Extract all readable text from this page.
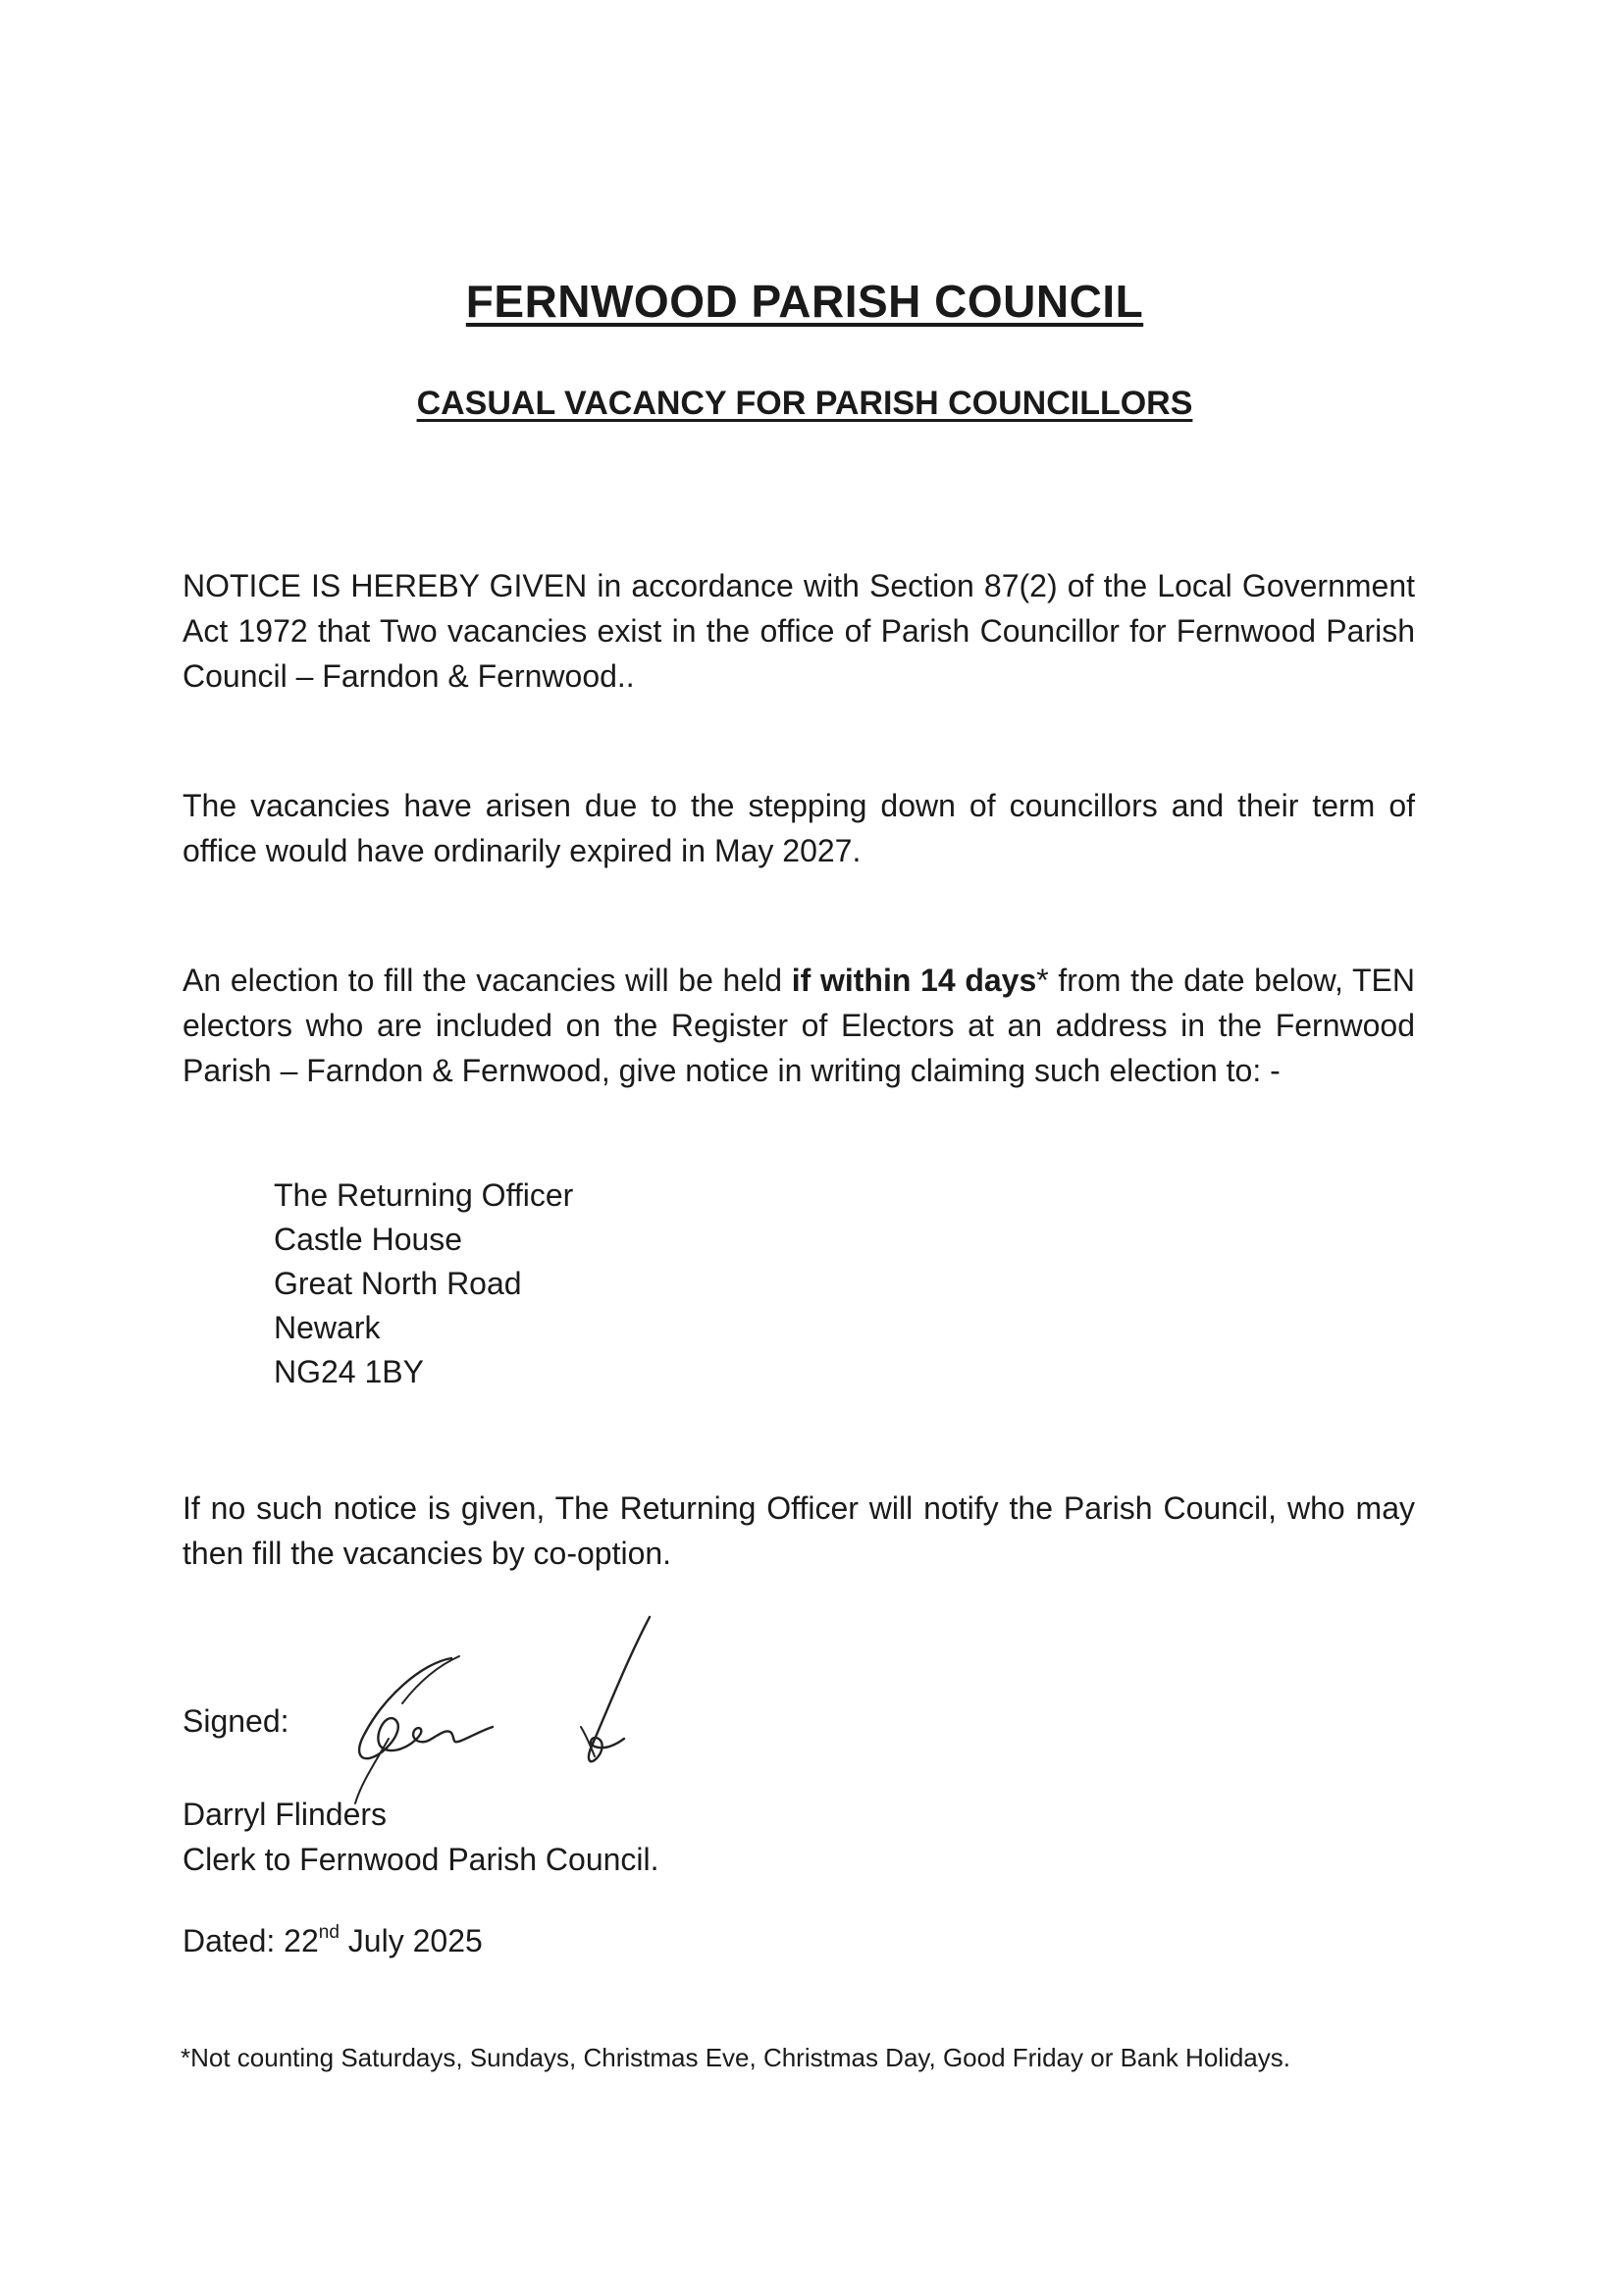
FERNWOOD PARISH COUNCIL
CASUAL VACANCY FOR PARISH COUNCILLORS
NOTICE IS HEREBY GIVEN in accordance with Section 87(2) of the Local Government Act 1972 that Two vacancies exist in the office of Parish Councillor for Fernwood Parish Council – Farndon & Fernwood..
The vacancies have arisen due to the stepping down of councillors and their term of office would have ordinarily expired in May 2027.
An election to fill the vacancies will be held if within 14 days* from the date below, TEN electors who are included on the Register of Electors at an address in the Fernwood Parish – Farndon & Fernwood, give notice in writing claiming such election to: -
The Returning Officer
Castle House
Great North Road
Newark
NG24 1BY
If no such notice is given, The Returning Officer will notify the Parish Council, who may then fill the vacancies by co-option.
Signed:
Darryl Flinders
Clerk to Fernwood Parish Council.
Dated: 22nd July 2025
*Not counting Saturdays, Sundays, Christmas Eve, Christmas Day, Good Friday or Bank Holidays.
